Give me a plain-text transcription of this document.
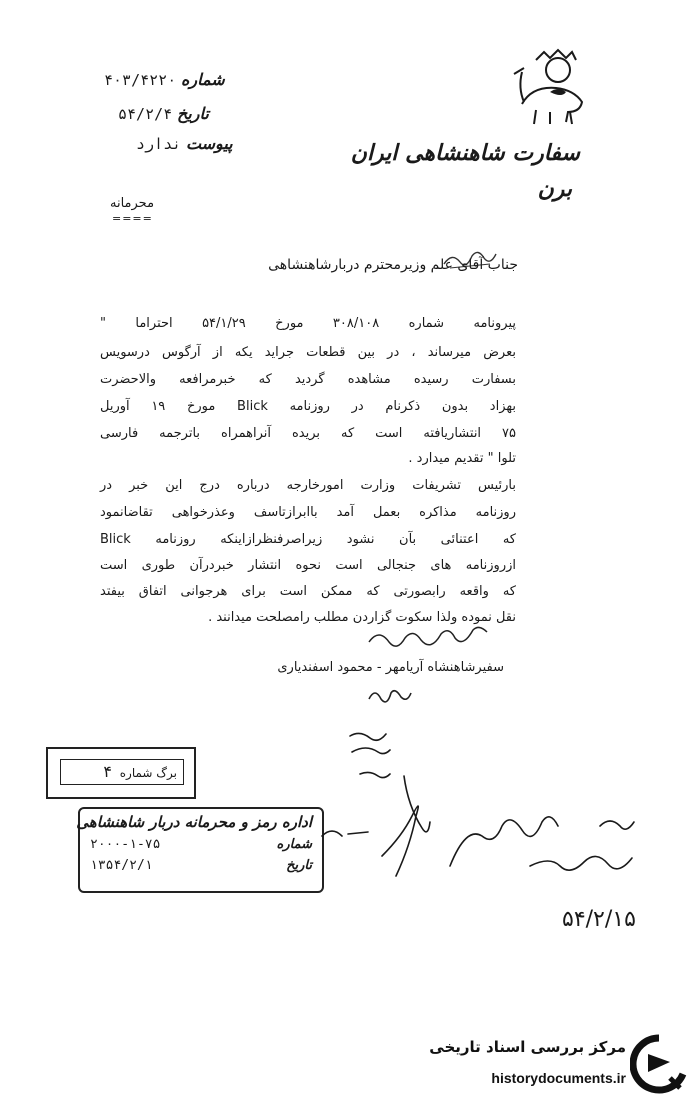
سفارت شاهنشاهی ایران
برن
۴۰۳/۴۲۲۰ شماره
۵۴/۲/۴ تاریخ
ندارد پیوست
محرمانه
====
جناب آقای علم وزیرمحترم دربارشاهنشاهی
پیرونامه شماره ۳۰۸/۱۰۸ مورخ ۵۴/۱/۲۹ احتراما "
بعرض میرساند ، در بین قطعات جراید یکه از آرگوس درسویس
بسفارت رسیده مشاهده گردید که خبرمرافعه والاحضرت
بهزاد بدون ذکرنام در روزنامه Blick مورخ ۱۹ آوریل
۷۵ انتشاریافته است که بریده آنراهمراه باترجمه فارسی
تلوا " تقدیم میدارد .
بارئیس تشریفات وزارت امورخارجه درباره درج این خبر در
روزنامه مذاکره بعمل آمد باابرازتاسف وعذرخواهی تقاضانمود
که اعتنائی بآن نشود زیراصرفنظرازاینکه روزنامه Blick
ازروزنامه های جنجالی است نحوه انتشار خبردرآن طوری است
که واقعه رابصورتی که ممکن است برای هرجوانی اتفاق بیفتد
نقل نموده ولذا سکوت گزاردن مطلب رامصلحت میدانند .
سفیرشاهنشاه آریامهر - محمود اسفندیاری
برگ شماره ۴
اداره رمز و محرمانه دربار شاهنشاهی
۲۰۰۰-۱-۷۵	شماره
۱۳۵۴/۲/۱	تاریخ
۵۴/۲/۱۵
مرکز بررسی اسناد تاریخی
historydocuments.ir
